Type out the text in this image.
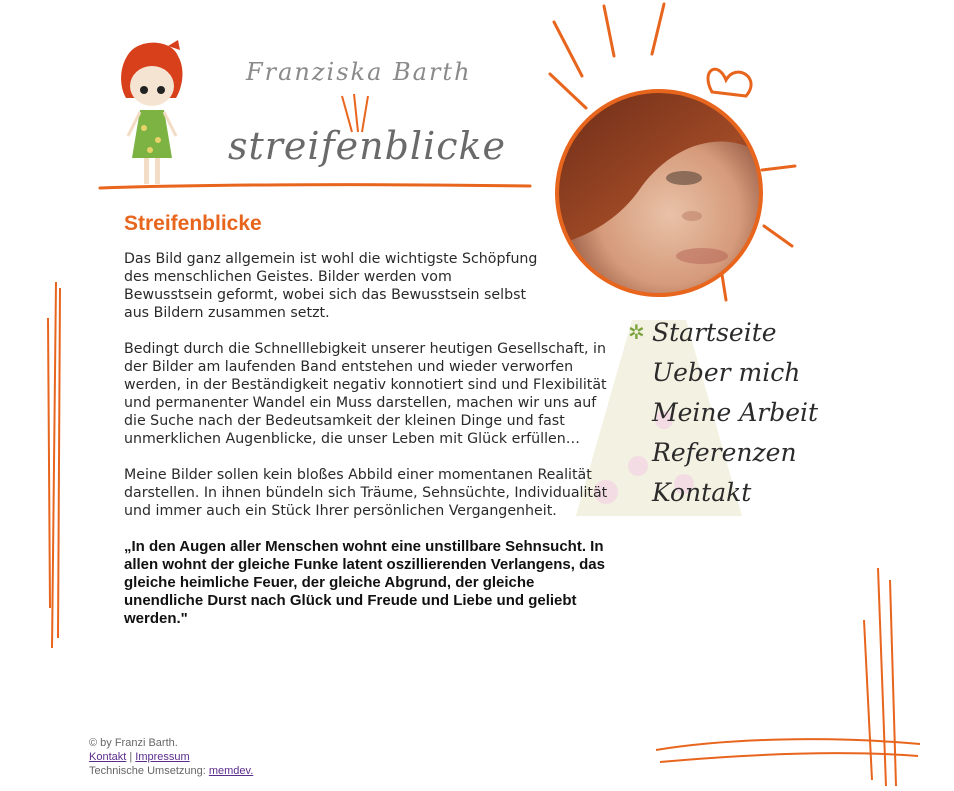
Franziska Barth
streifenblicke
Streifenblicke

Das Bild ganz allgemein ist wohl die wichtigste Schöpfung des menschlichen Geistes. Bilder werden vom Bewusstsein geformt, wobei sich das Bewusstsein selbst aus Bildern zusammen setzt.

Bedingt durch die Schnelllebigkeit unserer heutigen Gesellschaft, in der Bilder am laufenden Band entstehen und wieder verworfen werden, in der Beständigkeit negativ konnotiert sind und Flexibilität und permanenter Wandel ein Muss darstellen, machen wir uns auf die Suche nach der Bedeutsamkeit der kleinen Dinge und fast unmerklichen Augenblicke, die unser Leben mit Glück erfüllen…

Meine Bilder sollen kein bloßes Abbild einer momentanen Realität darstellen. In ihnen bündeln sich Träume, Sehnsüchte, Individualität und immer auch ein Stück Ihrer persönlichen Vergangenheit.

„In den Augen aller Menschen wohnt eine unstillbare Sehnsucht. In allen wohnt der gleiche Funke latent oszillierenden Verlangens, das gleiche heimliche Feuer, der gleiche Abgrund, der gleiche unendliche Durst nach Glück und Freude und Liebe und geliebt werden."

✲ Startseite
Ueber mich
Meine Arbeit
Referenzen
Kontakt
© by Franzi Barth.
Kontakt | Impressum
Technische Umsetzung: memdev.
